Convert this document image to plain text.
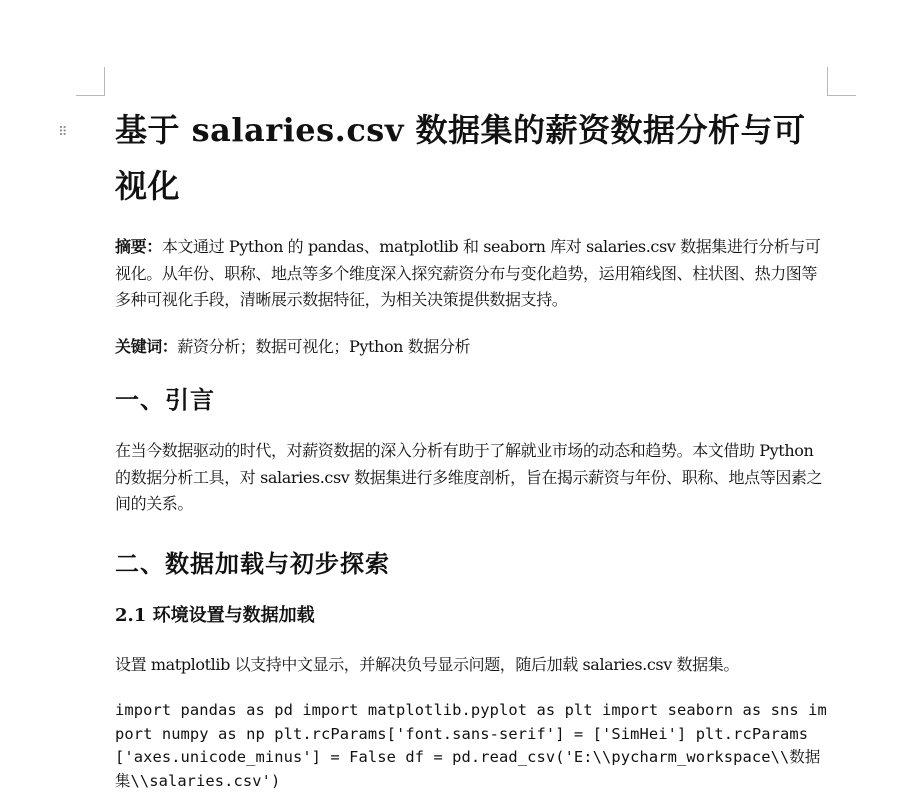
⠿ 基于 salaries.csv 数据集的薪资数据分析与可视化

摘要：本文通过 Python 的 pandas、matplotlib 和 seaborn 库对 salaries.csv 数据集进行分析与可视化。从年份、职称、地点等多个维度深入探究薪资分布与变化趋势，运用箱线图、柱状图、热力图等多种可视化手段，清晰展示数据特征，为相关决策提供数据支持。

关键词：薪资分析；数据可视化；Python 数据分析

一、引言

在当今数据驱动的时代，对薪资数据的深入分析有助于了解就业市场的动态和趋势。本文借助 Python 的数据分析工具，对 salaries.csv 数据集进行多维度剖析，旨在揭示薪资与年份、职称、地点等因素之间的关系。

二、数据加载与初步探索
2.1 环境设置与数据加载

设置 matplotlib 以支持中文显示，并解决负号显示问题，随后加载 salaries.csv 数据集。

import pandas as pd import matplotlib.pyplot as plt import seaborn as sns import numpy as np plt.rcParams['font.sans-serif'] = ['SimHei'] plt.rcParams['axes.unicode_minus'] = False df = pd.read_csv('E:\\pycharm_workspace\\数据集\\salaries.csv')
